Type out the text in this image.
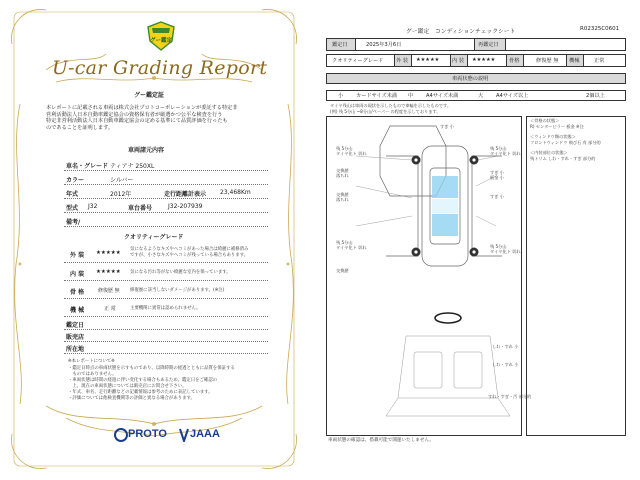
グー鑑定
U-car Grading Report
グー鑑定証
本レポートに記載される車両は株式会社プロトコーポレーションが委託する特定非
営利活動法人日本自動車鑑定協会の資格保有者が厳選かつ公平な検査を行う
特定非営利活動法人日本自動車鑑定協会の定める基準にて品質評価を行ったも
のであることを証明します。
車両諸元内容
車名・グレード ティアナ 250XL
カラー	シルバー
年式	2012年	走行距離計表示 23,468Km
型式 J32	車台番号	J32-207939
備考/
クオリティーグレード
外 装 ★★★★★
気になるようなキズやヘコミがあった場合は綺麗に補修済み
ですが、小さなキズやヘコミが残っている場合もあります。
内 装 ★★★★★ 気になる汚れ等がない綺麗な室内を保っています。
骨 格	修復歴 無 修復歴に該当しないダメージがあります。(※注)
機 械	正 常	主要機関に異常は認められません。
鑑定日
販売店
所在地
※本レポートについて※
・鑑定日時点の車両状態を示すものであり、以降時期の経過とともに品質を保証する
　ものではありません。
・車両状態は時間の経過に伴い変化する場合もあるため、鑑定日をご確認の
　上、現在の車両状態については販売店にお問合せ下さい。
・年式、車名、走行距離などの記載情報は参考のために表記しています。
・評価については他検査機関等の評価と異なる場合があります。
PROTO JAAA
グー鑑定　コンディションチェックシート	R02325C0601
鑑定日	2025年3月6日	再鑑定日
クオリティーグレード 外 装 ★★★★★ 内 装 ★★★★★	骨格	修復歴 無 機械	正常
車両状態の説明
小 カードサイズ未満 中 A4サイズ未満	大 A4サイズ以上	2個以上
タイヤ残山は車両の現状を示したもので車輪を示したものです。
(例) 残 5分山 ~8分山/ペーパー の程度を示しております。
＜骨格の状態＞
R) センターピラー 板金 ※注
＜ウィンドウ類の状態＞
フロントウィンドウ 飛び石 有 部分的
＜内装部位の状態＞
残トリム しわ・すれ・すぎ 部分的
すぎ 小
残 5分山
タイヤ化ト 切れ
残 5分山
タイヤ化ト 切れ
交換歴
落ちれ
すぎ 小
板金 小
交換歴
落ちれ
すぎ 小
残 5分山
タイヤ化ト 切れ	残 5分山
タイヤ化ト 切れ
交換歴
しわ・すれ 小
しわ・すれ 小
すれ・すぎ・汚 部分的
車両状態の確認は、搭載可能で開運いたしません。
